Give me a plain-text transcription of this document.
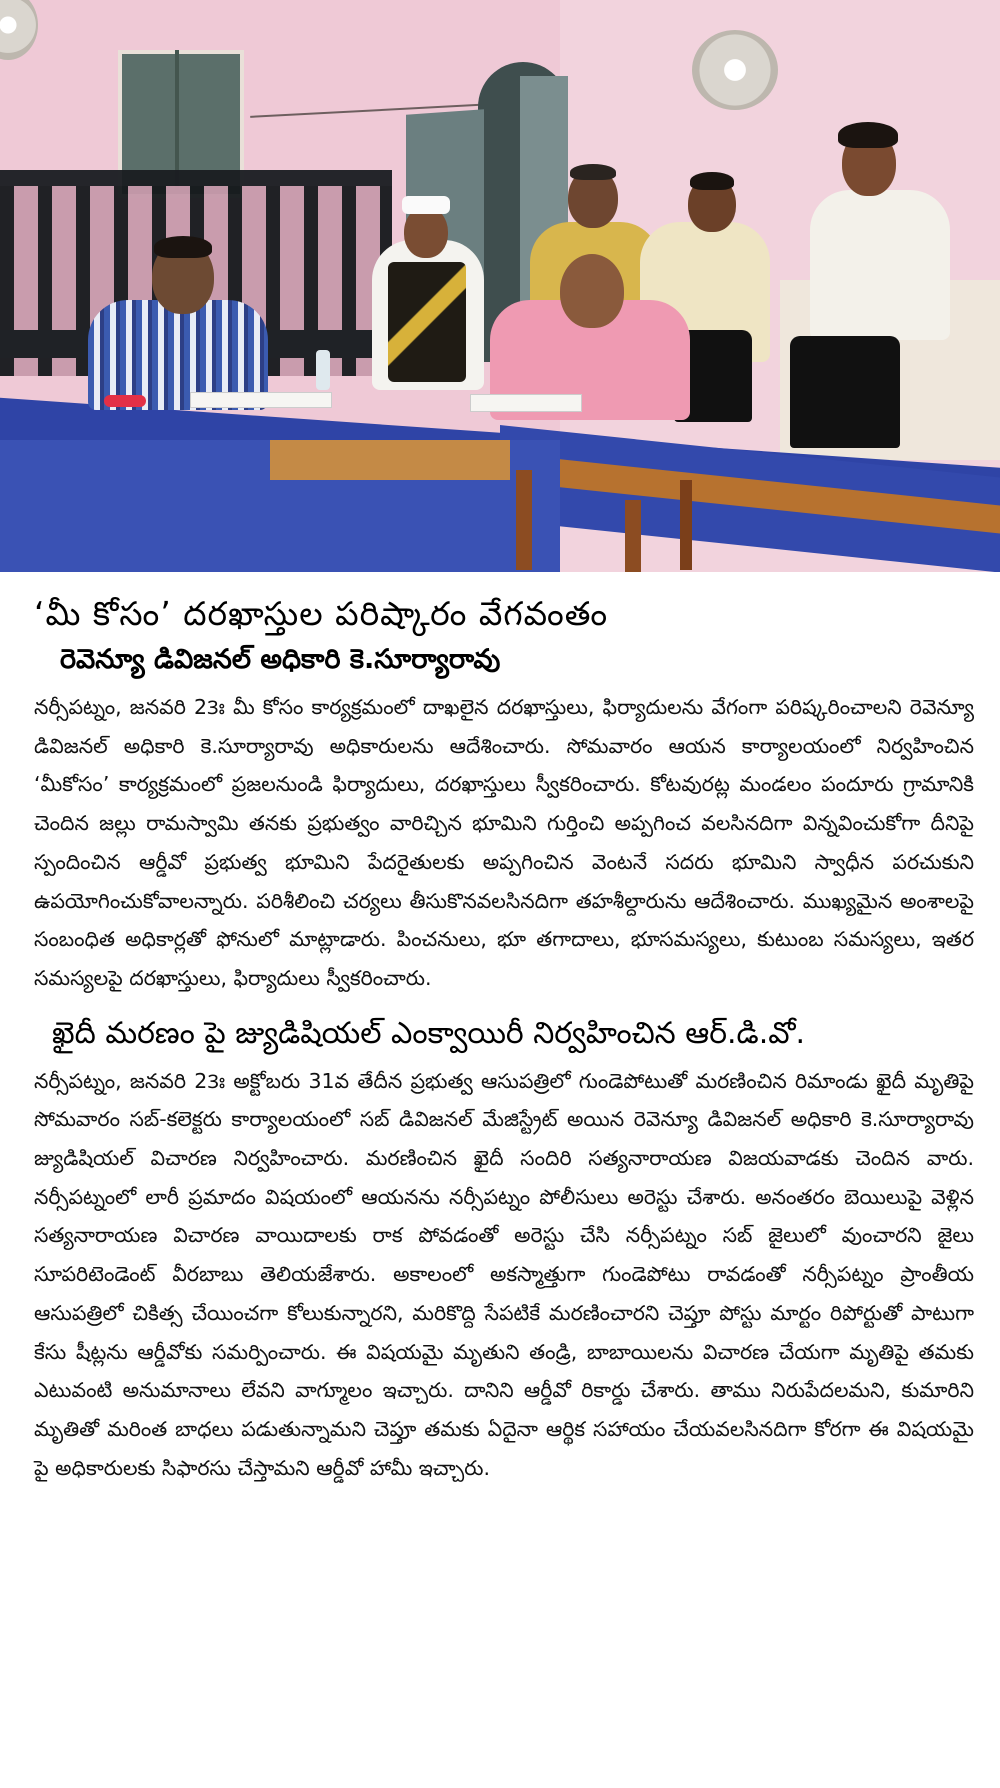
‘మీ కోసం’ దరఖాస్తుల పరిష్కారం వేగవంతం
రెవెన్యూ డివిజనల్ అధికారి కె.సూర్యారావు

నర్సీపట్నం, జనవరి 23ః మీ కోసం కార్యక్రమంలో దాఖలైన దరఖాస్తులు, ఫిర్యాదులను వేగంగా పరిష్కరించాలని రెవెన్యూ డివిజనల్ అధికారి కె.సూర్యారావు అధికారులను ఆదేశించారు. సోమవారం ఆయన కార్యాలయంలో నిర్వహించిన ‘మీకోసం’ కార్యక్రమంలో ప్రజలనుండి ఫిర్యాదులు, దరఖాస్తులు స్వీకరించారు. కోటవురట్ల మండలం పందూరు గ్రామానికి చెందిన జల్లు రామస్వామి తనకు ప్రభుత్వం వారిచ్చిన భూమిని గుర్తించి అప్పగించ వలసినదిగా విన్నవించుకోగా దీనిపై స్పందించిన ఆర్డీవో ప్రభుత్వ భూమిని పేదరైతులకు అప్పగించిన వెంటనే సదరు భూమిని స్వాధీన పరచుకుని ఉపయోగించుకోవాలన్నారు. పరిశీలించి చర్యలు తీసుకొనవలసినదిగా తహశీల్దారును ఆదేశించారు. ముఖ్యమైన అంశాలపై సంబంధిత అధికార్లతో ఫోనులో మాట్లాడారు. పించనులు, భూ తగాదాలు, భూసమస్యలు, కుటుంబ సమస్యలు, ఇతర సమస్యలపై దరఖాస్తులు, ఫిర్యాదులు స్వీకరించారు.

ఖైదీ మరణం పై జ్యుడిషియల్ ఎంక్వాయిరీ నిర్వహించిన ఆర్.డి.వో.

నర్సీపట్నం, జనవరి 23ః అక్టోబరు 31వ తేదీన ప్రభుత్వ ఆసుపత్రిలో గుండెపోటుతో మరణించిన రిమాండు ఖైదీ మృతిపై సోమవారం సబ్-కలెక్టరు కార్యాలయంలో సబ్ డివిజనల్ మేజిస్ట్రేట్ అయిన రెవెన్యూ డివిజనల్ అధికారి కె.సూర్యారావు జ్యుడిషియల్ విచారణ నిర్వహించారు. మరణించిన ఖైదీ సందిరి సత్యనారాయణ విజయవాడకు చెందిన వారు. నర్సీపట్నంలో లారీ ప్రమాదం విషయంలో ఆయనను నర్సీపట్నం పోలీసులు అరెస్టు చేశారు. అనంతరం బెయిలుపై వెళ్లిన సత్యనారాయణ విచారణ వాయిదాలకు రాక పోవడంతో అరెస్టు చేసి నర్సీపట్నం సబ్ జైలులో వుంచారని జైలు సూపరిటెండెంట్ వీరబాబు తెలియజేశారు. అకాలంలో అకస్మాత్తుగా గుండెపోటు రావడంతో నర్సీపట్నం ప్రాంతీయ ఆసుపత్రిలో చికిత్స చేయించగా కోలుకున్నారని, మరికొద్ది సేపటికే మరణించారని చెప్తూ పోస్టు మార్టం రిపోర్టుతో పాటుగా కేసు షీట్లను ఆర్డీవోకు సమర్పించారు. ఈ విషయమై మృతుని తండ్రి, బాబాయిలను విచారణ చేయగా మృతిపై తమకు ఎటువంటి అనుమానాలు లేవని వాగ్మూలం ఇచ్చారు. దానిని ఆర్డీవో రికార్డు చేశారు. తాము నిరుపేదలమని, కుమారిని మృతితో మరింత బాధలు పడుతున్నామని చెప్తూ తమకు ఏదైనా ఆర్థిక సహాయం చేయవలసినదిగా కోరగా ఈ విషయమై పై అధికారులకు సిఫారసు చేస్తామని ఆర్డీవో హామీ ఇచ్చారు.
